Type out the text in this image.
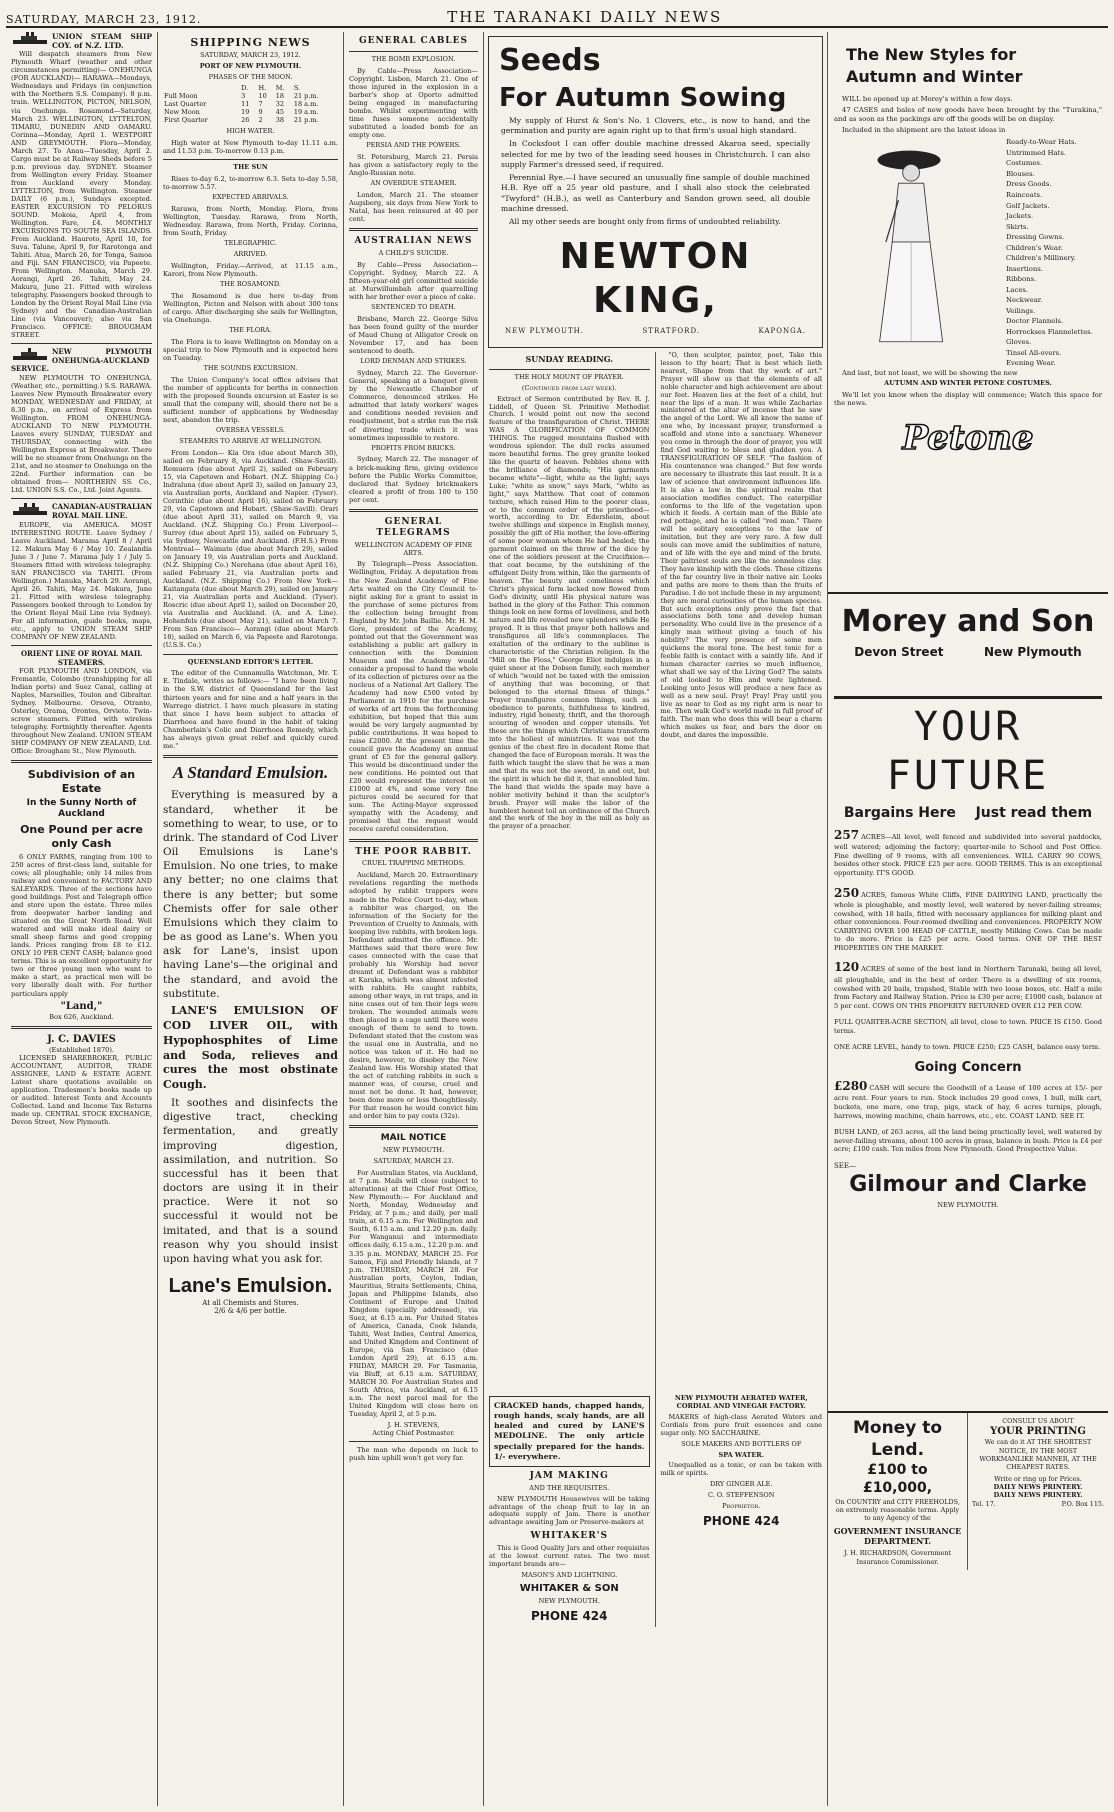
SATURDAY, MARCH 23, 1912.	THE TARANAKI DAILY NEWS
UNION STEAM SHIP COY. of N.Z. LTD.

Will despatch steamers from New Plymouth Wharf (weather and other circumstances permitting)— ONEHUNGA (FOR AUCKLAND)— RARAWA—Mondays, Wednesdays and Fridays (in conjunction with the Northern S.S. Company). 8 p.m. train. WELLINGTON, PICTON, NELSON, via Onehunga. Rosamond—Saturday, March 23. WELLINGTON, LYTTELTON, TIMARU, DUNEDIN AND OAMARU. Corinna—Monday, April 1. WESTPORT AND GREYMOUTH. Flora—Monday, March 27. To Anau—Tuesday, April 2. Cargo must be at Railway Sheds before 5 p.m. previous day. SYDNEY. Steamer from Wellington every Friday. Steamer from Auckland every Monday. LYTTELTON, from Wellington. Steamer DAILY (6 p.m.), Sundays excepted. EASTER EXCURSION TO PELORUS SOUND. Mokoia, April 4, from Wellington. Fare, £4. MONTHLY EXCURSIONS TO SOUTH SEA ISLANDS. From Auckland. Hauroto, April 10, for Suva. Talune, April 9, for Rarotonga and Tahiti. Atua, March 26, for Tonga, Samoa and Fiji. SAN FRANCISCO, via Papeete. From Wellington. Manuka, March 29. Aorangi, April 26. Tahiti, May 24. Makura, June 21. Fitted with wireless telegraphy. Passengers booked through to London by the Orient Royal Mail Line (via Sydney) and the Canadian-Australian Line (via Vancouver); also via San Francisco. OFFICE: BROUGHAM STREET.

NEW PLYMOUTH ONEHUNGA-AUCKLAND SERVICE.

NEW PLYMOUTH TO ONEHUNGA. (Weather, etc., permitting.) S.S. RARAWA. Leaves New Plymouth Breakwater every MONDAY, WEDNESDAY and FRIDAY, at 8.30 p.m., on arrival of Express from Wellington. FROM ONEHUNGA-AUCKLAND TO NEW PLYMOUTH. Leaves every SUNDAY, TUESDAY and THURSDAY, connecting with the Wellington Express at Breakwater. There will be no steamer from Onehunga on the 21st, and no steamer to Onehunga on the 22nd. Further information can be obtained from— NORTHERN SS. Co., Ltd. UNION S.S. Co., Ltd. Joint Agents.

CANADIAN-AUSTRALIAN ROYAL MAIL LINE.

EUROPE, via AMERICA. MOST INTERESTING ROUTE. Leave Sydney / Leave Auckland. Marama April 8 / April 12. Makura May 6 / May 10. Zealandia June 3 / June 7. Marama July 1 / July 5. Steamers fitted with wireless telegraphy. SAN FRANCISCO via TAHITI. (From Wellington.) Manuka, March 29. Aorangi, April 26. Tahiti, May 24. Makura, June 21. Fitted with wireless telegraphy. Passengers booked through to London by the Orient Royal Mail Line (via Sydney). For all information, guide books, maps, etc., apply to UNION STEAM SHIP COMPANY OF NEW ZEALAND.

ORIENT LINE OF ROYAL MAIL STEAMERS.

FOR PLYMOUTH AND LONDON, via Fremantle, Colombo (transhipping for all Indian ports) and Suez Canal, calling at Naples, Marseilles, Toulon and Gibraltar. Sydney. Melbourne. Orsova, Otranto, Osterley, Orama, Orontes, Orvieto. Twin-screw steamers. Fitted with wireless telegraphy. Fortnightly thereafter. Agents throughout New Zealand. UNION STEAM SHIP COMPANY OF NEW ZEALAND, Ltd. Office: Brougham St., New Plymouth.

Subdivision of an Estate
In the Sunny North of Auckland
One Pound per acre only Cash

6 ONLY FARMS, ranging from 100 to 250 acres of first-class land, suitable for cows; all ploughable; only 14 miles from railway and convenient to FACTORY AND SALEYARDS. Three of the sections have good buildings. Post and Telegraph office and store upon the estate. Three miles from deepwater harbor landing and situated on the Great North Road. Well watered and will make ideal dairy or small sheep farms and good cropping lands. Prices ranging from £8 to £12. ONLY 10 PER CENT CASH; balance good terms. This is an excellent opportunity for two or three young men who want to make a start, as practical men will be very liberally dealt with. For further particulars apply

"Land,"
Box 626, Auckland.
J. C. DAVIES
(Established 1870).

LICENSED SHAREBROKER, PUBLIC ACCOUNTANT, AUDITOR, TRADE ASSIGNEE, LAND & ESTATE AGENT. Latest share quotations available on application. Tradesmen's books made up or audited. Interest Tents and Accounts Collected. Land and Income Tax Returns made up. CENTRAL STOCK EXCHANGE, Devon Street, New Plymouth.

SHIPPING NEWS
SATURDAY, MARCH 23, 1912.
PORT OF NEW PLYMOUTH.
PHASES OF THE MOON.
	D.	H.	M.	S.
Full Moon	3	10	18	21 p.m.
Last Quarter	11	7	32	18 a.m.
New Moon	19	9	45	19 a.m.
First Quarter	26	2	38	21 p.m.
HIGH WATER.

High water at New Plymouth to-day 11.11 a.m. and 11.53 p.m. To-morrow 0.13 p.m.

THE SUN

Rises to-day 6.2, to-morrow 6.3. Sets to-day 5.58, to-morrow 5.57.

EXPECTED ARRIVALS.

Rarawa, from North, Monday. Flora, from Wellington, Tuesday. Rarawa, from North, Wednesday. Rarawa, from North, Friday. Corinna, from South, Friday.

TELEGRAPHIC.
ARRIVED.

Wellington, Friday.—Arrived, at 11.15 a.m., Karori, from New Plymouth.

THE ROSAMOND.

The Rosamond is due here to-day from Wellington, Picton and Nelson with about 300 tons of cargo. After discharging she sails for Wellington, via Onehunga.

THE FLORA.

The Flora is to leave Wellington on Monday on a special trip to New Plymouth and is expected here on Tuesday.

THE SOUNDS EXCURSION.

The Union Company's local office advises that the number of applicants for berths in connection with the proposed Sounds excursion at Easter is so small that the company will, should there not be a sufficient number of applications by Wednesday next, abandon the trip.

OVERSEA VESSELS.
STEAMERS TO ARRIVE AT WELLINGTON.

From London— Kia Ora (due about March 30), sailed on February 8, via Auckland. (Shaw-Savill). Remuera (due about April 2), sailed on February 15, via Capetown and Hobart. (N.Z. Shipping Co.) Indraluna (due about April 3), sailed on January 23, via Australian ports, Auckland and Napier. (Tyser). Corinthic (due about April 16), sailed on February 29, via Capetown and Hobart. (Shaw-Savill). Orari (due about April 31), sailed on March 9, via Auckland. (N.Z. Shipping Co.) From Liverpool— Surrey (due about April 15), sailed on February 5, via Sydney, Newcastle and Auckland. (F.H.S.) From Montreal— Waimate (due about March 29), sailed on January 19, via Australian ports and Auckland. (N.Z. Shipping Co.) Nerehana (due about April 16), sailed February 21, via Australian ports and Auckland. (N.Z. Shipping Co.) From New York— Kaitangata (due about March 29), sailed on January 21, via Australian ports and Auckland. (Tyser). Roscric (due about April 1), sailed on December 20, via Australia and Auckland. (A. and A. Line). Hohenfels (due about May 21), sailed on March 7. From San Francisco— Aorangi (due about March 18), sailed on March 6, via Papeete and Rarotonga. (U.S.S. Co.)

QUEENSLAND EDITOR'S LETTER.

The editor of the Cunnamulla Watchman, Mr. T. E. Tindale, writes as follows:— "I have been living in the S.W. district of Queensland for the last thirteen years and for nine and a half years in the Warrego district. I have much pleasure in stating that since I have been subject to attacks of Diarrhoea and have found in the habit of taking Chamberlain's Colic and Diarrhoea Remedy, which has always given great relief and quickly cured me."

A Standard Emulsion.

Everything is measured by a standard, whether it be something to wear, to use, or to drink. The standard of Cod Liver Oil Emulsions is Lane's Emulsion. No one tries, to make any better; no one claims that there is any better; but some Chemists offer for sale other Emulsions which they claim to be as good as Lane's. When you ask for Lane's, insist upon having Lane's—the original and the standard, and avoid the substitute.

LANE'S EMULSION OF COD LIVER OIL, with Hypophosphites of Lime and Soda, relieves and cures the most obstinate Cough.

It soothes and disinfects the digestive tract, checking fermentation, and greatly improving digestion, assimilation, and nutrition. So successful has it been that doctors are using it in their practice. Were it not so successful it would not be imitated, and that is a sound reason why you should insist upon having what you ask for.

Lane's Emulsion.
At all Chemists and Stores.
2/6 & 4/6 per bottle.
GENERAL CABLES
THE BOMB EXPLOSION.

By Cable—Press Association—Copyright. Lisbon, March 21. One of those injured in the explosion in a barber's shop at Oporto admitted being engaged in manufacturing bombs. Whilst experimenting with time fuses someone accidentally substituted a loaded bomb for an empty one.

PERSIA AND THE POWERS.

St. Petersburg, March 21. Persia has given a satisfactory reply to the Anglo-Russian note.

AN OVERDUE STEAMER.

London, March 21. The steamer Augsberg, six days from New York to Natal, has been reinsured at 40 per cent.

AUSTRALIAN NEWS
A CHILD'S SUICIDE.

By Cable—Press Association—Copyright. Sydney, March 22. A fifteen-year-old girl committed suicide at Murwillumbah after quarrelling with her brother over a piece of cake.

SENTENCED TO DEATH.

Brisbane, March 22. George Silva has been found guilty of the murder of Maud Chung at Alligator Creek on November 17, and has been sentenced to death.

LORD DENMAN AND STRIKES.

Sydney, March 22. The Governor-General, speaking at a banquet given by the Newcastle Chamber of Commerce, denounced strikes. He admitted that lately workers' wages and conditions needed revision and readjustment, but a strike ran the risk of diverting trade which it was sometimes impossible to restore.

PROFITS FROM BRICKS.

Sydney, March 22. The manager of a brick-making firm, giving evidence before the Public Works Committee, declared that Sydney brickmakers cleared a profit of from 100 to 150 per cent.

GENERAL TELEGRAMS
WELLINGTON ACADEMY OF FINE ARTS.

By Telegraph—Press Association. Wellington, Friday. A deputation from the New Zealand Academy of Fine Arts waited on the City Council to-night asking for a grant to assist in the purchase of some pictures from the collection being brought from England by Mr. John Baillie. Mr. H. M. Gore, president of the Academy, pointed out that the Government was establishing a public art gallery in connection with the Dominion Museum and the Academy would consider a proposal to hand the whole of its collection of pictures over as the nucleus of a National Art Gallery. The Academy had now £500 voted by Parliament in 1910 for the purchase of works of art from the forthcoming exhibition, but hoped that this sum would be very largely augmented by public contributions. It was hoped to raise £2000. At the present time the council gave the Academy an annual grant of £5 for the general gallery. This would be discontinued under the new conditions. He pointed out that £20 would represent the interest on £1000 at 4%, and some very fine pictures could be secured for that sum. The Acting-Mayor expressed sympathy with the Academy, and promised that the request would receive careful consideration.

THE POOR RABBIT.
CRUEL TRAPPING METHODS.

Auckland, March 20. Extraordinary revelations regarding the methods adopted by rabbit trappers were made in the Police Court to-day, when a rabbiter was charged, on the information of the Society for the Prevention of Cruelty to Animals, with keeping live rabbits, with broken legs. Defendant admitted the offence. Mr. Matthews said that there were few cases connected with the case that probably his Worship had never dreamt of. Defendant was a rabbiter at Karaka, which was almost infested with rabbits. He caught rabbits, among other ways, in rat traps, and in nine cases out of ten their legs were broken. The wounded animals were then placed in a cage until there were enough of them to send to town. Defendant stated that the custom was the usual one in Australia, and no notice was taken of it. He had no desire, however, to disobey the New Zealand law. His Worship stated that the act of catching rabbits in such a manner was, of course, cruel and must not be done. It had, however, been done more or less thoughtlessly. For that reason he would convict him and order him to pay costs (32s).

MAIL NOTICE
NEW PLYMOUTH.
SATURDAY, MARCH 23.

For Australian States, via Auckland, at 7 p.m. Mails will close (subject to alterations) at the Chief Post Office, New Plymouth:— For Auckland and North, Monday, Wednesday and Friday, at 7 p.m.; and daily, per mail train, at 6.15 a.m. For Wellington and South, 6.15 a.m. and 12.20 p.m. daily. For Wanganui and intermediate offices daily, 6.15 a.m., 12.20 p.m. and 3.35 p.m. MONDAY, MARCH 25. For Samoa, Fiji and Friendly Islands, at 7 p.m. THURSDAY, MARCH 28. For Australian ports, Ceylon, Indian, Mauritius, Straits Settlements, China, Japan and Philippine Islands, also Continent of Europe and United Kingdom (specially addressed), via Suez, at 6.15 a.m. For United States of America, Canada, Cook Islands, Tahiti, West Indies, Central America, and United Kingdom and Continent of Europe, via San Francisco (due London April 29), at 6.15 a.m. FRIDAY, MARCH 29. For Tasmania, via Bluff, at 6.15 a.m. SATURDAY, MARCH 30. For Australian States and South Africa, via Auckland, at 6.15 a.m. The next parcel mail for the United Kingdom will close here on Tuesday, April 2, at 5 p.m.

J. H. STEVENS,
Acting Chief Postmaster.

The man who depends on luck to push him uphill won't get very far.

Seeds
For Autumn Sowing

My supply of Hurst & Son's No. 1 Clovers, etc., is now to hand, and the germination and purity are again right up to that firm's usual high standard.

In Cocksfoot I can offer double machine dressed Akaroa seed, specially selected for me by two of the leading seed houses in Christchurch. I can also supply Farmer's dressed seed, if required.

Perennial Rye.—I have secured an unusually fine sample of double machined H.B. Rye off a 25 year old pasture, and I shall also stock the celebrated "Twyford" (H.B.), as well as Canterbury and Sandon grown seed, all double machine dressed.

All my other seeds are bought only from firms of undoubted reliability.

NEWTON KING,
NEW PLYMOUTH.	STRATFORD.	KAPONGA.
SUNDAY READING.
THE HOLY MOUNT OF PRAYER.
(Continued from last week).

Extract of Sermon contributed by Rev. R. J. Liddell, of Queen St. Primitive Methodist Church. I would point out now the second feature of the transfiguration of Christ. THERE WAS A GLORIFICATION OF COMMON THINGS. The rugged mountains flushed with wondrous splendor. The dull rocks assumed more beautiful forms. The grey granite looked like the quartz of heaven. Pebbles shone with the brilliance of diamonds; "His garments became white"—light, white as the light; says Luke; "white as snow," says Mark, "white as light," says Matthew. That coat of common texture, which raised Him to the poorer class, or to the common order of the priesthood—worth, according to Dr. Edersheim, about twelve shillings and sixpence in English money, possibly the gift of His mother, the love-offering of some poor woman whom He had healed; the garment claimed on the throw of the dice by one of the soldiers present at the Crucifixion—that coat became, by the outshining of the effulgent Deity from within, like the garments of heaven. The beauty and comeliness which Christ's physical form lacked now flowed from God's divinity, until His physical nature was bathed in the glory of the Father. This common things look on new forms of loveliness, and both nature and life revealed new splendors while He prayed. It is thus that prayer both hallows and transfigures all life's commonplaces. The exaltation of the ordinary to the sublime is characteristic of the Christian religion. In the "Mill on the Floss," George Eliot indulges in a quiet sneer at the Dobson family, each member of which "would not be taxed with the omission of anything that was becoming, or that belonged to the eternal fitness of things." Prayer transfigures common things, such as obedience to parents, faithfulness to kindred, industry, rigid honesty, thrift, and the thorough scouring of wooden and copper utensils. Yet these are the things which Christians transform into the holiest of ministries. It was not the genius of the chest fire in decadent Rome that changed the face of European morals. It was the faith which taught the slave that he was a man and that its was not the sword, in and out, but the spirit in which he did it, that ennobled him. The hand that wields the spade may have a nobler motivity behind it than the sculptor's brush. Prayer will make the labor of the humblest honest toil an ordinance of the Church and the work of the boy in the mill as holy as the prayer of a preacher.

"O, then sculptor, painter, poet, Take this lesson to thy heart; That is best which lieth nearest, Shape from that thy work of art." Prayer will show us that the elements of all noble character and high achievement are about our feet. Heaven lies at the feet of a child, but near the lips of a man. It was while Zacharias ministered at the altar of incense that he saw the angel of the Lord. We all know the name of one who, by incessant prayer, transformed a scaffold and stone into a sanctuary. Whenever you come in through the door of prayer, you will find God waiting to bless and gladden you. A TRANSFIGURATION OF SELF. "The fashion of His countenance was changed." But few words are necessary to illustrate this last result. It is a law of science that environment influences life. It is also a law in the spiritual realm that association modifies conduct. The caterpillar conforms to the life of the vegetation upon which it feeds. A certain man of the Bible ate red pottage, and he is called "red man." There will be solitary exceptions to the law of imitation, but they are very rare. A few dull souls can move amid the sublimities of nature, and of life with the eye and mind of the brute. Their paltriest souls are like the sonneless clay. They have kinship with the clods. These citizens of the far country live in their native air. Looks and paths are more to them than the fruits of Paradise. I do not include these in my argument; they are moral curiosities of the human species. But such exceptions only prove the fact that associations both tone and develop human personality. Who could live in the presence of a kingly man without giving a touch of his nobility? The very presence of some men quickens the moral tone. The best tonic for a feeble faith is contact with a saintly life. And if human character carries so much influence, what shall we say of the Living God? The saints of old looked to Him and were lightened. Looking unto Jesus will produce a new face as well as a new soul. Pray! Pray! Pray until you live as near to God as my right arm is near to me. Then walk God's world made in full proof of faith. The man who does this will bear a charm which makes us fear, and bars the door on doubt, and dares the impossible.

CRACKED hands, chapped hands, rough hands, scaly hands, are all healed and cured by LANE'S MEDOLINE. The only article specially prepared for the hands. 1/- everywhere.
JAM MAKING
AND THE REQUISITES.

NEW PLYMOUTH Housewives will be taking advantage of the cheap fruit to lay in an adequate supply of Jam. There is another advantage awaiting Jam or Preserve-makers at

WHITAKER'S

This is Good Quality Jars and other requisites at the lowest current rates. The two most important brands are—

MASON'S AND LIGHTNING.
WHITAKER & SON
NEW PLYMOUTH.
PHONE 424
NEW PLYMOUTH AERATED WATER, CORDIAL AND VINEGAR FACTORY.

MAKERS of high-class Aerated Waters and Cordials from pure fruit essences and cane sugar only. NO SACCHARINE.

SOLE MAKERS AND BOTTLERS OF
SPA WATER.

Unequalled as a tonic, or can be taken with milk or spirits.

DRY GINGER ALE.
C. O. STEFFENSON
Proprietor.
PHONE 424
The New Styles for
Autumn and Winter

WILL be opened up at Morey's within a few days.

47 CASES and bales of new goods have been brought by the "Turakina," and as soon as the packings are off the goods will be on display.

Included in the shipment are the latest ideas in

Ready-to-Wear Hats.
Untrimmed Hats.
Costumes.
Blouses.
Dress Goods.
Raincoats.
Golf Jackets.
Jackets.
Skirts.
Dressing Gowns.
Children's Wear.
Children's Millinery.
Insertions.
Ribbons.
Laces.
Neckwear.
Veilings.
Doctor Flannels.
Horrockses Flannelettes.
Gloves.
Tinsel All-overs.
Evening Wear.

And last, but not least, we will be showing the new

AUTUMN AND WINTER PETONE COSTUMES.

We'll let you know when the display will commence; Watch this space for the news.

Petone
Morey and Son
Devon Street	New Plymouth
YOUR FUTURE
Bargains Here Just read them
257 ACRES—All level, well fenced and subdivided into several paddocks, well watered; adjoining the factory; quarter-mile to School and Post Office. Fine dwelling of 9 rooms, with all conveniences. WILL CARRY 90 COWS, besides other stock. PRICE £25 per acre. GOOD TERMS. This is an exceptional opportunity. IT'S GOOD.
250 ACRES, famous White Cliffs, FINE DAIRYING LAND, practically the whole is ploughable, and mostly level, well watered by never-failing streams; cowshed, with 18 bails, fitted with necessary appliances for milking plant and other conveniences. Four-roomed dwelling and conveniences. PROPERTY NOW CARRYING OVER 100 HEAD OF CATTLE, mostly Milking Cows. Can be made to do more. Price is £25 per acre. Good terms. ONE OF THE BEST PROPERTIES ON THE MARKET.
120 ACRES of some of the best land in Northern Taranaki, being all level, all ploughable, and in the best of order. There is a dwelling of six rooms, cowshed with 20 bails, trapshed, Stable with two loose boxes, etc. Half a mile from Factory and Railway Station. Price is £30 per acre; £1000 cash, balance at 5 per cent. COWS ON THIS PROPERTY RETURNED OVER £12 PER COW.
FULL QUARTER-ACRE SECTION, all level, close to town. PRICE IS £150. Good terms.
ONE ACRE LEVEL, handy to town. PRICE £250; £25 CASH, balance easy term.
Going Concern
£280 CASH will secure the Goodwill of a Lease of 100 acres at 15/- per acre rent. Four years to run. Stock includes 29 good cows, 1 bull, milk cart, buckets, one mare, one trap, pigs, stack of hay, 6 acres turnips, plough, harrows, mowing machine, chain harrows, etc., etc. COAST LAND. SEE IT.
BUSH LAND, of 263 acres, all the land being practically level, well watered by never-failing streams, about 100 acres in grass, balance in bush. Price is £4 per acre; £100 cash. Ten miles from New Plymouth. Good Prospective Value.
SEE—
Gilmour and Clarke
NEW PLYMOUTH.
Money to Lend.
£100 to £10,000,
On COUNTRY and CITY FREEHOLDS, on extremely reasonable terms. Apply to any Agency of the
GOVERNMENT INSURANCE DEPARTMENT.
J. H. RICHARDSON, Government Insurance Commissioner.
CONSULT US ABOUT
YOUR PRINTING
We can do it AT THE SHORTEST NOTICE, IN THE MOST WORKMANLIKE MANNER, AT THE CHEAPEST RATES.
Write or ring up for Prices.
DAILY NEWS PRINTERY.
DAILY NEWS PRINTERY.
Tel. 17.	P.O. Box 115.
